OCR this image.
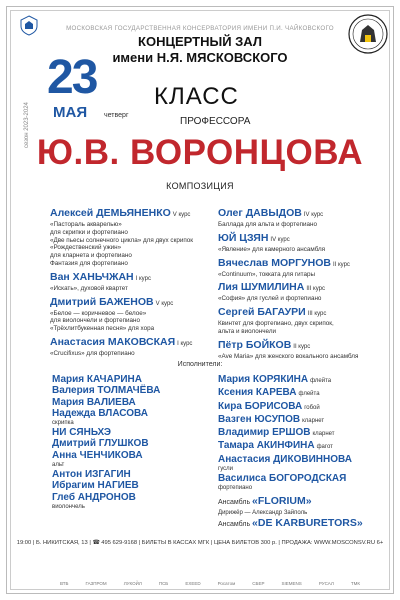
МОСКОВСКАЯ ГОСУДАРСТВЕННАЯ КОНСЕРВАТОРИЯ ИМЕНИ П.И. ЧАЙКОВСКОГО
КОНЦЕРТНЫЙ ЗАЛ
имени Н.Я. МЯСКОВСКОГО
23
МАЯ четверг
сезон 2023-2024
КЛАСС
ПРОФЕССОРА
Ю.В. ВОРОНЦОВА
КОМПОЗИЦИЯ
Алексей ДЕМЬЯНЕНКО V курс
«Пастораль акварелью»
для скрипки и фортепиано
«Две пьесы солнечного цикла» для двух скрипок
«Рождественский ужин»
для кларнета и фортепиано
Фантазия для фортепиано
Ван ХАНЬЧЖАН I курс
«Искать», духовой квартет
Дмитрий БАЖЕНОВ V курс
«Белое — коричневое — белое»
для виолончели и фортепиано
«Трёхлитбукенная песня» для хора
Анастасия МАКОВСКАЯ I курс
«Crucifixus» для фортепиано
Олег ДАВЫДОВ IV курс
Баллада для альта и фортепиано
ЮЙ ЦЗЯН IV курс
«Явление» для камерного ансамбля
Вячеслав МОРГУНОВ II курс
«Continuum», токката для гитары
Лия ШУМИЛИНА III курс
«София» для гуслей и фортепиано
Сергей БАГАУРИ III курс
Квинтет для фортепиано, двух скрипок,
альта и виолончели
Пётр БОЙКОВ II курс
«Ave Maria» для женского вокального ансамбля
Исполнители:
Мария КАЧАРИНА
Валерия ТОЛМАЧЁВА
Мария ВАЛИЕВА
Надежда ВЛАСОВА
скрипка
НИ СЯНЬХЭ
Дмитрий ГЛУШКОВ
Анна ЧЕНЧИКОВА
альт
Антон ИЗГАГИН
Ибрагим НАГИЕВ
Глеб АНДРОНОВ
виолончель
Мария КОРЯКИНА флейта
Ксения КАРЕВА флейта
Кира БОРИСОВА гобой
Вазген ЮСУПОВ кларнет
Владимир ЕРШОВ кларнет
Тамара АКИНФИНА фагот
Анастасия ДИКОВИННОВА
гусли
Василиса БОГОРОДСКАЯ
фортепиано
Ансамбль «FLORIUM»
Дирижёр — Александр Зайполь
Ансамбль «DE KARBURETORS»
19:00 | Б. НИКИТСКАЯ, 13 | ☎ 495 629-9168 | БИЛЕТЫ В КАССАХ МГК | ЦЕНА БИЛЕТОВ 300 р. | ПРОДАЖА: WWW.MOSCONSV.RU 6+
ВТБ	ГАЗПРОМ	ЛУКОЙЛ	ПСБ	EXEED	Росатом	СБЕР	SIEMENS	РУСАЛ	ТМК
